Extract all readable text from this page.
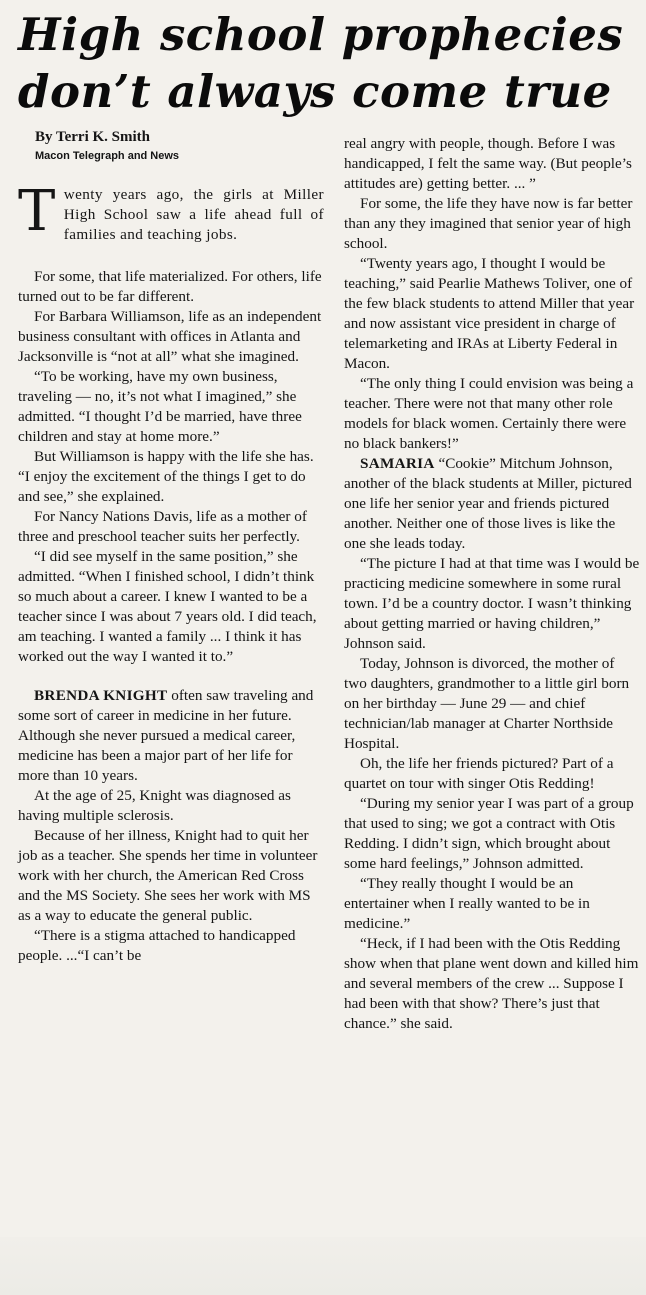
High school prophecies
don’t always come true
By Terri K. Smith
Macon Telegraph and News

Twenty years ago, the girls at Miller High School saw a life ahead full of families and teaching jobs.

For some, that life materialized. For others, life turned out to be far different.

For Barbara Williamson, life as an independent business consultant with offices in Atlanta and Jacksonville is “not at all” what she imagined.

“To be working, have my own business, traveling — no, it’s not what I imagined,” she admitted. “I thought I’d be married, have three children and stay at home more.”

But Williamson is happy with the life she has. “I enjoy the excitement of the things I get to do and see,” she explained.

For Nancy Nations Davis, life as a mother of three and preschool teacher suits her perfectly.

“I did see myself in the same position,” she admitted. “When I finished school, I didn’t think so much about a career. I knew I wanted to be a teacher since I was about 7 years old. I did teach, am teaching. I wanted a family ... I think it has worked out the way I wanted it to.”

BRENDA KNIGHT often saw traveling and some sort of career in medicine in her future. Although she never pursued a medical career, medicine has been a major part of her life for more than 10 years.

At the age of 25, Knight was diagnosed as having multiple sclerosis.

Because of her illness, Knight had to quit her job as a teacher. She spends her time in volunteer work with her church, the American Red Cross and the MS Society. She sees her work with MS as a way to educate the general public.

“There is a stigma attached to handicapped people. ...“I can’t be

real angry with people, though. Before I was handicapped, I felt the same way. (But people’s attitudes are) getting better. ... ”

For some, the life they have now is far better than any they imagined that senior year of high school.

“Twenty years ago, I thought I would be teaching,” said Pearlie Mathews Toliver, one of the few black students to attend Miller that year and now assistant vice president in charge of telemarketing and IRAs at Liberty Federal in Macon.

“The only thing I could envision was being a teacher. There were not that many other role models for black women. Certainly there were no black bankers!”

SAMARIA “Cookie” Mitchum Johnson, another of the black students at Miller, pictured one life her senior year and friends pictured another. Neither one of those lives is like the one she leads today.

“The picture I had at that time was I would be practicing medicine somewhere in some rural town. I’d be a country doctor. I wasn’t thinking about getting married or having children,” Johnson said.

Today, Johnson is divorced, the mother of two daughters, grandmother to a little girl born on her birthday — June 29 — and chief technician/lab manager at Charter Northside Hospital.

Oh, the life her friends pictured? Part of a quartet on tour with singer Otis Redding!

“During my senior year I was part of a group that used to sing; we got a contract with Otis Redding. I didn’t sign, which brought about some hard feelings,” Johnson admitted.

“They really thought I would be an entertainer when I really wanted to be in medicine.”

“Heck, if I had been with the Otis Redding show when that plane went down and killed him and several members of the crew ... Suppose I had been with that show? There’s just that chance.” she said.
